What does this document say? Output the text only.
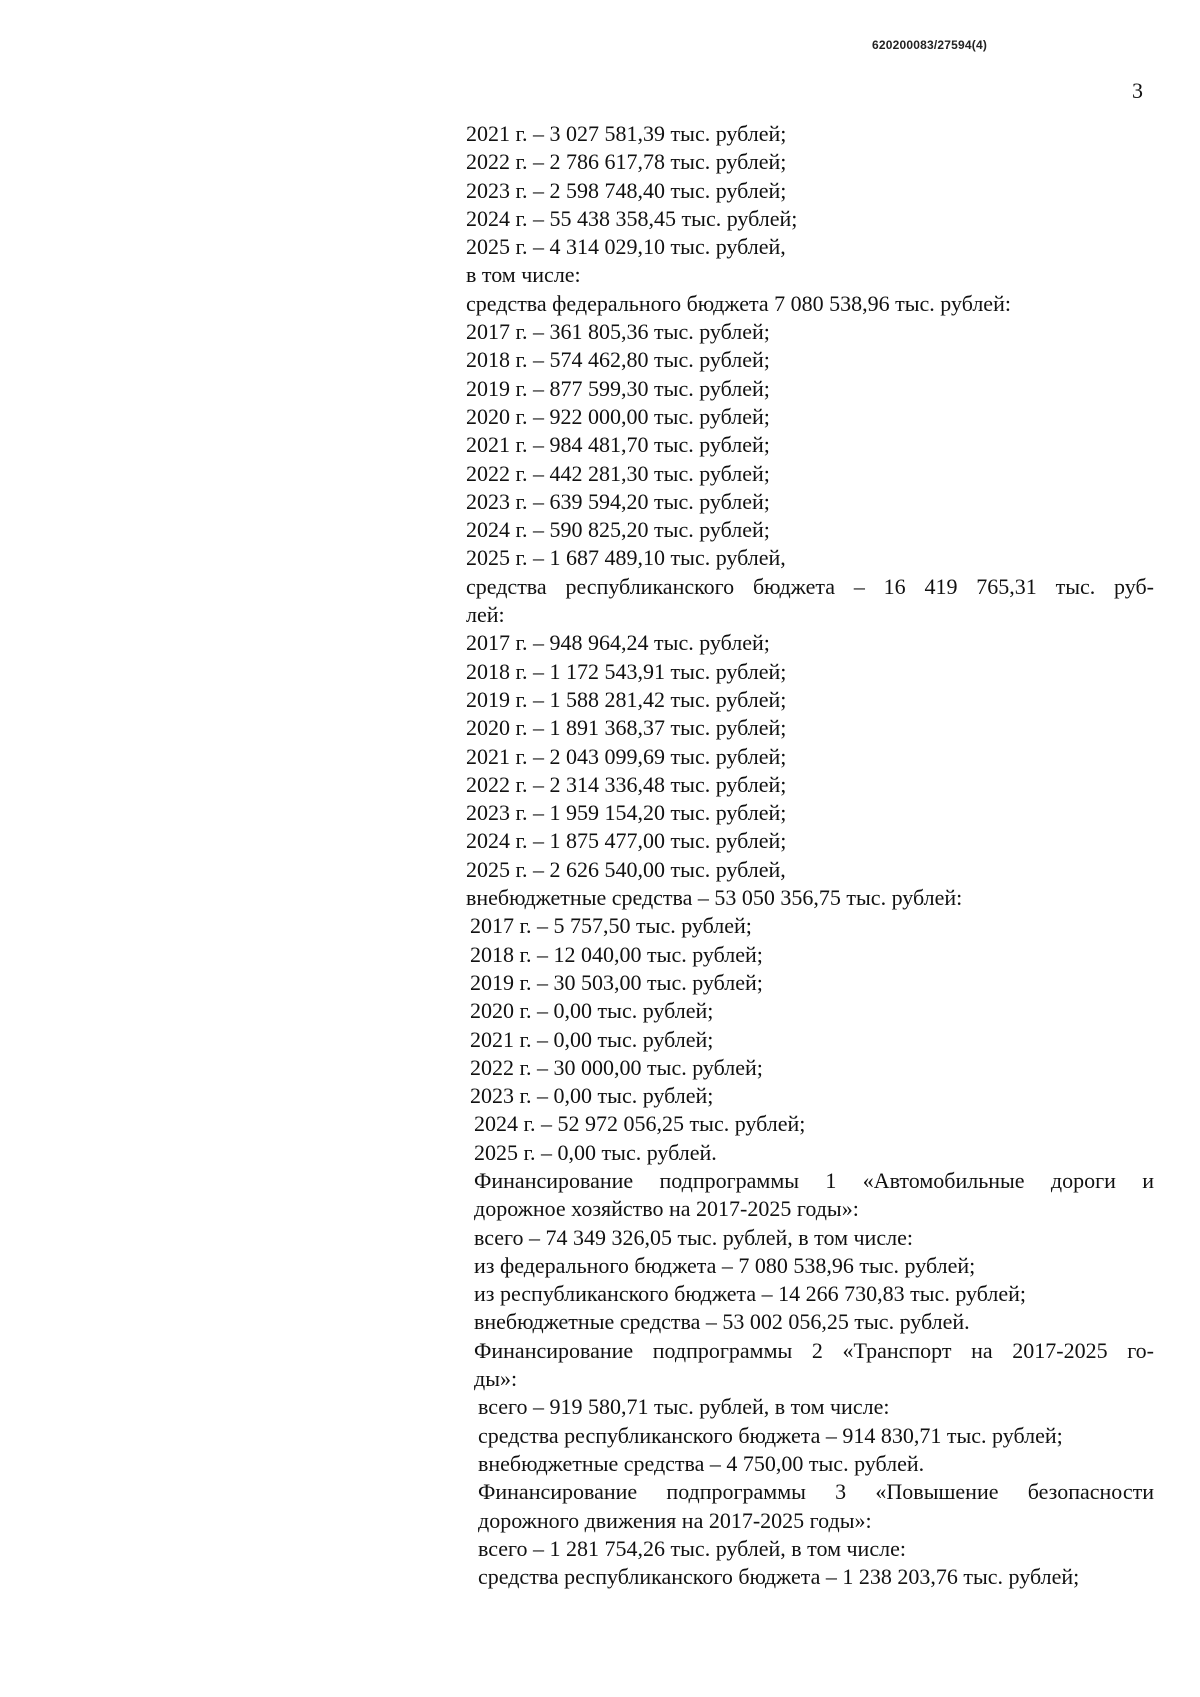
620200083/27594(4)
3
2021 г. – 3 027 581,39 тыс. рублей;
2022 г. – 2 786 617,78 тыс. рублей;
2023 г. – 2 598 748,40 тыс. рублей;
2024 г. – 55 438 358,45 тыс. рублей;
2025 г. – 4 314 029,10 тыс. рублей,
в том числе:
средства федерального бюджета 7 080 538,96 тыс. рублей:
2017 г. – 361 805,36 тыс. рублей;
2018 г. – 574 462,80 тыс. рублей;
2019 г. – 877 599,30 тыс. рублей;
2020 г. – 922 000,00 тыс. рублей;
2021 г. – 984 481,70 тыс. рублей;
2022 г. – 442 281,30 тыс. рублей;
2023 г. – 639 594,20 тыс. рублей;
2024 г. – 590 825,20 тыс. рублей;
2025 г. – 1 687 489,10 тыс. рублей,
средства республиканского бюджета – 16 419 765,31 тыс. руб-
лей:
2017 г. – 948 964,24 тыс. рублей;
2018 г. – 1 172 543,91 тыс. рублей;
2019 г. – 1 588 281,42 тыс. рублей;
2020 г. – 1 891 368,37 тыс. рублей;
2021 г. – 2 043 099,69 тыс. рублей;
2022 г. – 2 314 336,48 тыс. рублей;
2023 г. – 1 959 154,20 тыс. рублей;
2024 г. – 1 875 477,00 тыс. рублей;
2025 г. – 2 626 540,00 тыс. рублей,
внебюджетные средства – 53 050 356,75 тыс. рублей:
2017 г. – 5 757,50 тыс. рублей;
2018 г. – 12 040,00 тыс. рублей;
2019 г. – 30 503,00 тыс. рублей;
2020 г. – 0,00 тыс. рублей;
2021 г. – 0,00 тыс. рублей;
2022 г. – 30 000,00 тыс. рублей;
2023 г. – 0,00 тыс. рублей;
2024 г. – 52 972 056,25 тыс. рублей;
2025 г. – 0,00 тыс. рублей.
Финансирование подпрограммы 1 «Автомобильные дороги и
дорожное хозяйство на 2017-2025 годы»:
всего – 74 349 326,05 тыс. рублей, в том числе:
из федерального бюджета – 7 080 538,96 тыс. рублей;
из республиканского бюджета – 14 266 730,83 тыс. рублей;
внебюджетные средства – 53 002 056,25 тыс. рублей.
Финансирование подпрограммы 2 «Транспорт на 2017-2025 го-
ды»:
всего – 919 580,71 тыс. рублей, в том числе:
средства республиканского бюджета – 914 830,71 тыс. рублей;
внебюджетные средства – 4 750,00 тыс. рублей.
Финансирование подпрограммы 3 «Повышение безопасности
дорожного движения на 2017-2025 годы»:
всего – 1 281 754,26 тыс. рублей, в том числе:
средства республиканского бюджета – 1 238 203,76 тыс. рублей;
